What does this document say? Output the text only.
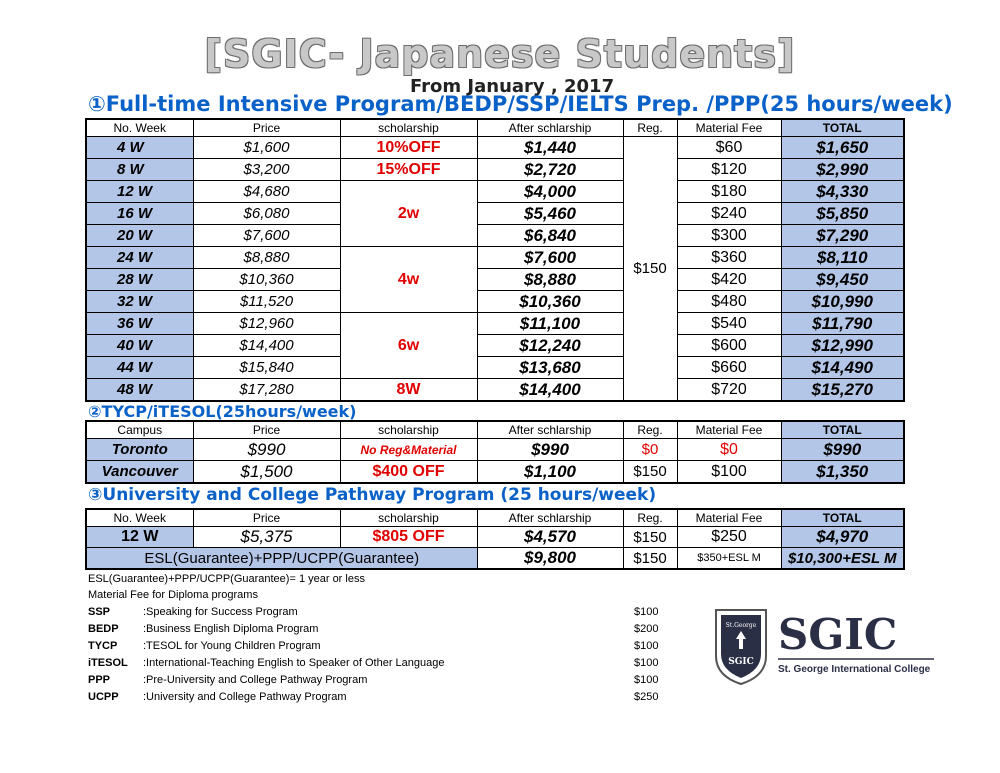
[SGIC- Japanese Students]
From January , 2017
①Full-time Intensive Program/BEDP/SSP/IELTS Prep. /PPP(25 hours/week)
No. Week	Price	scholarship	After schlarship	Reg.	Material Fee	TOTAL
4 W	$1,600	10%OFF	$1,440	$150	$60	$1,650
8 W	$3,200	15%OFF	$2,720		$120	$2,990
12 W	$4,680	2w	$4,000		$180	$4,330
16 W	$6,080		$5,460		$240	$5,850
20 W	$7,600		$6,840		$300	$7,290
24 W	$8,880	4w	$7,600		$360	$8,110
28 W	$10,360		$8,880		$420	$9,450
32 W	$11,520		$10,360		$480	$10,990
36 W	$12,960	6w	$11,100		$540	$11,790
40 W	$14,400		$12,240		$600	$12,990
44 W	$15,840		$13,680		$660	$14,490
48 W	$17,280	8W	$14,400		$720	$15,270
②TYCP/iTESOL(25hours/week)
Campus	Price	scholarship	After schlarship	Reg.	Material Fee	TOTAL
Toronto	$990	No Reg&Material	$990	$0	$0	$990
Vancouver	$1,500	$400 OFF	$1,100	$150	$100	$1,350
③University and College Pathway Program (25 hours/week)
No. Week	Price	scholarship	After schlarship	Reg.	Material Fee	TOTAL
12 W	$5,375	$805 OFF	$4,570	$150	$250	$4,970
ESL(Guarantee)+PPP/UCPP(Guarantee)			$9,800	$150	$350+ESL M	$10,300+ESL M
ESL(Guarantee)+PPP/UCPP(Guarantee)= 1 year or less
Material Fee for Diploma programs
SSP	:Speaking for Success Program	$100
BEDP :Business English Diploma Program	$200
TYCP :TESOL for Young Children Program	$100
iTESOL :International-Teaching English to Speaker of Other Language	$100
PPP	:Pre-University and College Pathway Program	$100
UCPP :University and College Pathway Program	$250
St.George
SGIC
SGIC
St. George International College
